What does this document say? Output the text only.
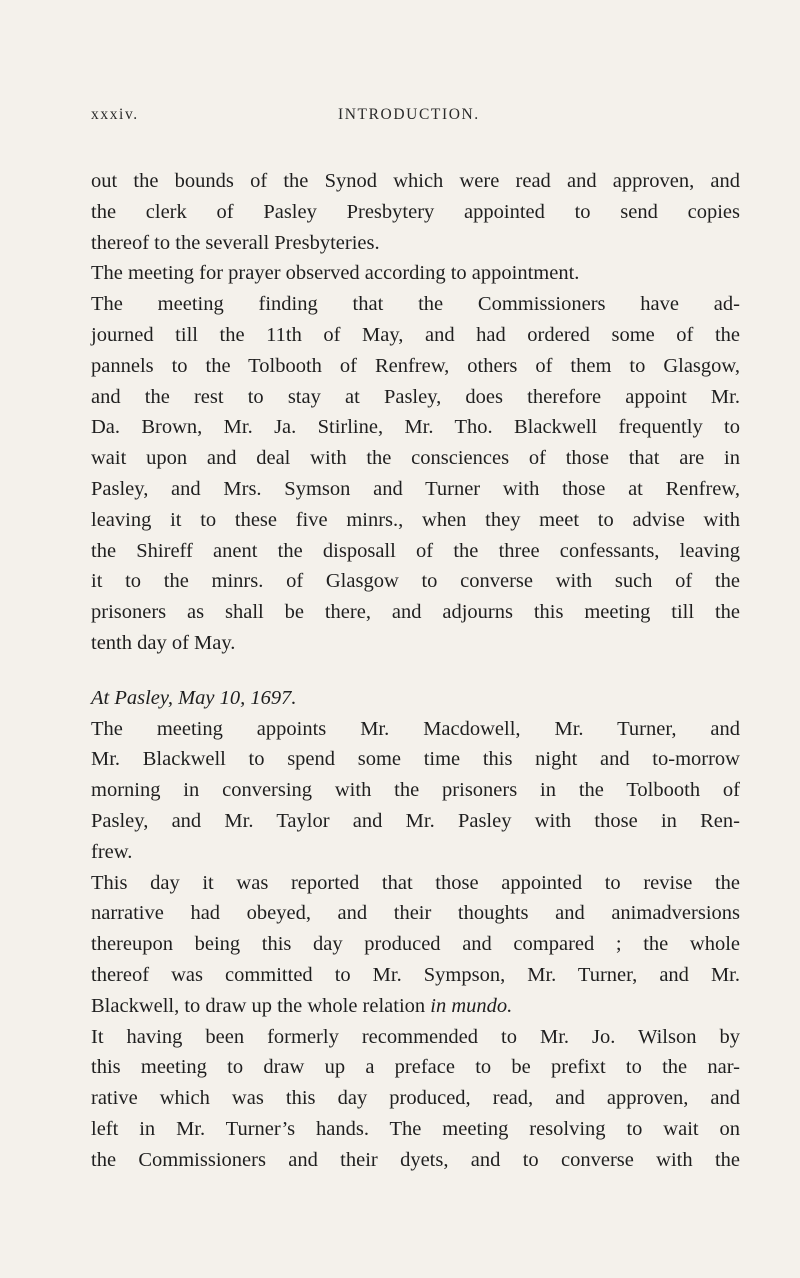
xxxiv.	INTRODUCTION.
out the bounds of the Synod which were read and approven, and
the clerk of Pasley Presbytery appointed to send copies
thereof to the severall Presbyteries.
The meeting for prayer observed according to appointment.
The meeting finding that the Commissioners have ad-
journed till the 11th of May, and had ordered some of the
pannels to the Tolbooth of Renfrew, others of them to Glasgow,
and the rest to stay at Pasley, does therefore appoint Mr.
Da. Brown, Mr. Ja. Stirline, Mr. Tho. Blackwell frequently to
wait upon and deal with the consciences of those that are in
Pasley, and Mrs. Symson and Turner with those at Renfrew,
leaving it to these five minrs., when they meet to advise with
the Shireff anent the disposall of the three confessants, leaving
it to the minrs. of Glasgow to converse with such of the
prisoners as shall be there, and adjourns this meeting till the
tenth day of May.
At Pasley, May 10, 1697.
The meeting appoints Mr. Macdowell, Mr. Turner, and
Mr. Blackwell to spend some time this night and to-morrow
morning in conversing with the prisoners in the Tolbooth of
Pasley, and Mr. Taylor and Mr. Pasley with those in Ren-
frew.
This day it was reported that those appointed to revise the
narrative had obeyed, and their thoughts and animadversions
thereupon being this day produced and compared ; the whole
thereof was committed to Mr. Sympson, Mr. Turner, and Mr.
Blackwell, to draw up the whole relation in mundo.
It having been formerly recommended to Mr. Jo. Wilson by
this meeting to draw up a preface to be prefixt to the nar-
rative which was this day produced, read, and approven, and
left in Mr. Turner’s hands. The meeting resolving to wait on
the Commissioners and their dyets, and to converse with the
